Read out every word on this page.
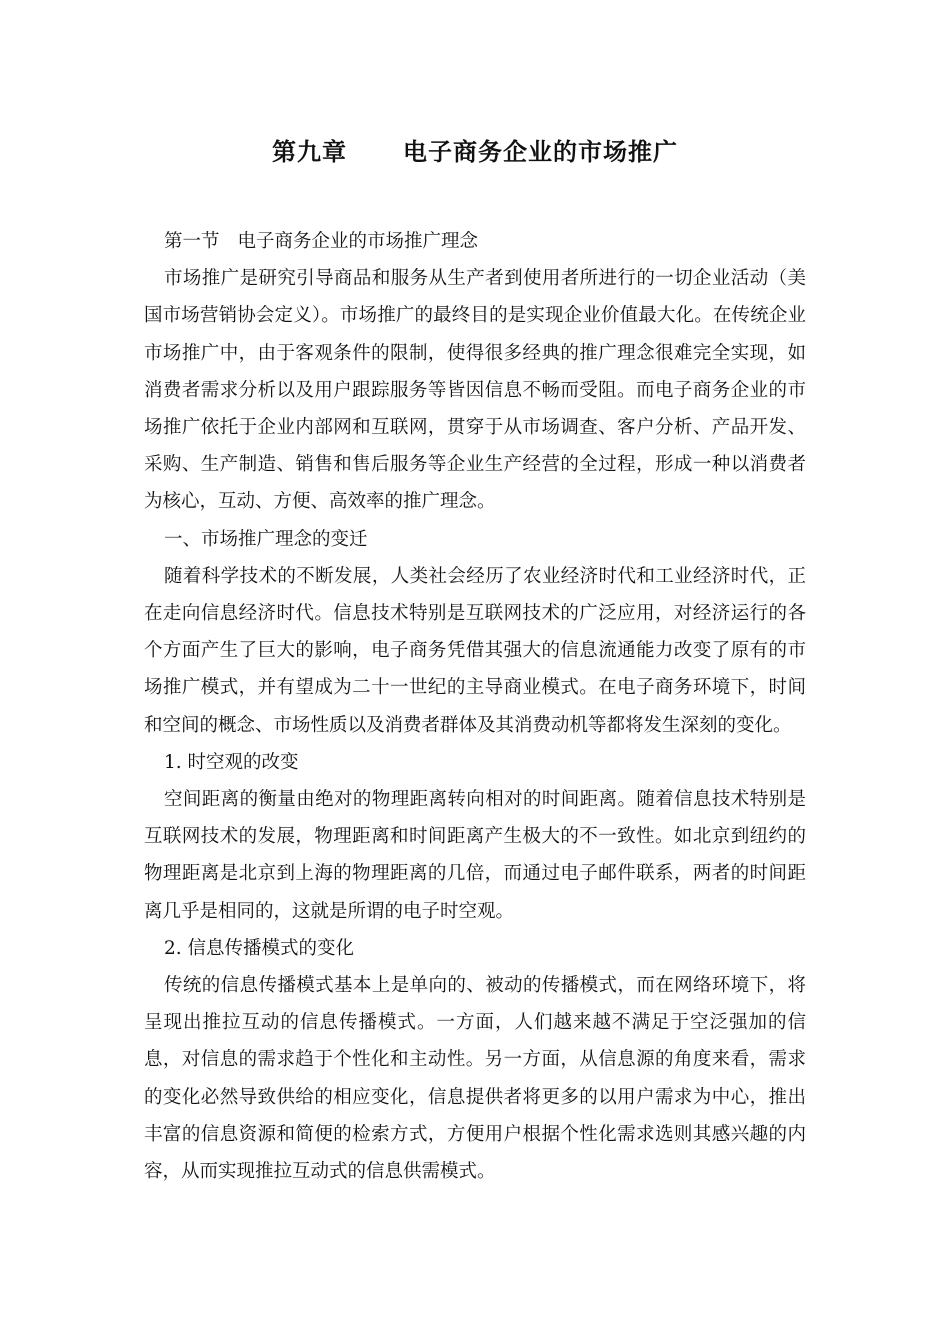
第九章 电子商务企业的市场推广

第一节 电子商务企业的市场推广理念

市场推广是研究引导商品和服务从生产者到使用者所进行的一切企业活动（美国市场营销协会定义）。市场推广的最终目的是实现企业价值最大化。在传统企业市场推广中，由于客观条件的限制，使得很多经典的推广理念很难完全实现，如消费者需求分析以及用户跟踪服务等皆因信息不畅而受阻。而电子商务企业的市场推广依托于企业内部网和互联网，贯穿于从市场调查、客户分析、产品开发、采购、生产制造、销售和售后服务等企业生产经营的全过程，形成一种以消费者为核心，互动、方便、高效率的推广理念。

一、市场推广理念的变迁

随着科学技术的不断发展，人类社会经历了农业经济时代和工业经济时代，正在走向信息经济时代。信息技术特别是互联网技术的广泛应用，对经济运行的各个方面产生了巨大的影响，电子商务凭借其强大的信息流通能力改变了原有的市场推广模式，并有望成为二十一世纪的主导商业模式。在电子商务环境下，时间和空间的概念、市场性质以及消费者群体及其消费动机等都将发生深刻的变化。

1. 时空观的改变

空间距离的衡量由绝对的物理距离转向相对的时间距离。随着信息技术特别是互联网技术的发展，物理距离和时间距离产生极大的不一致性。如北京到纽约的物理距离是北京到上海的物理距离的几倍，而通过电子邮件联系，两者的时间距离几乎是相同的，这就是所谓的电子时空观。

2. 信息传播模式的变化

传统的信息传播模式基本上是单向的、被动的传播模式，而在网络环境下，将呈现出推拉互动的信息传播模式。一方面，人们越来越不满足于空泛强加的信息，对信息的需求趋于个性化和主动性。另一方面，从信息源的角度来看，需求的变化必然导致供给的相应变化，信息提供者将更多的以用户需求为中心，推出丰富的信息资源和简便的检索方式，方便用户根据个性化需求选则其感兴趣的内容，从而实现推拉互动式的信息供需模式。
